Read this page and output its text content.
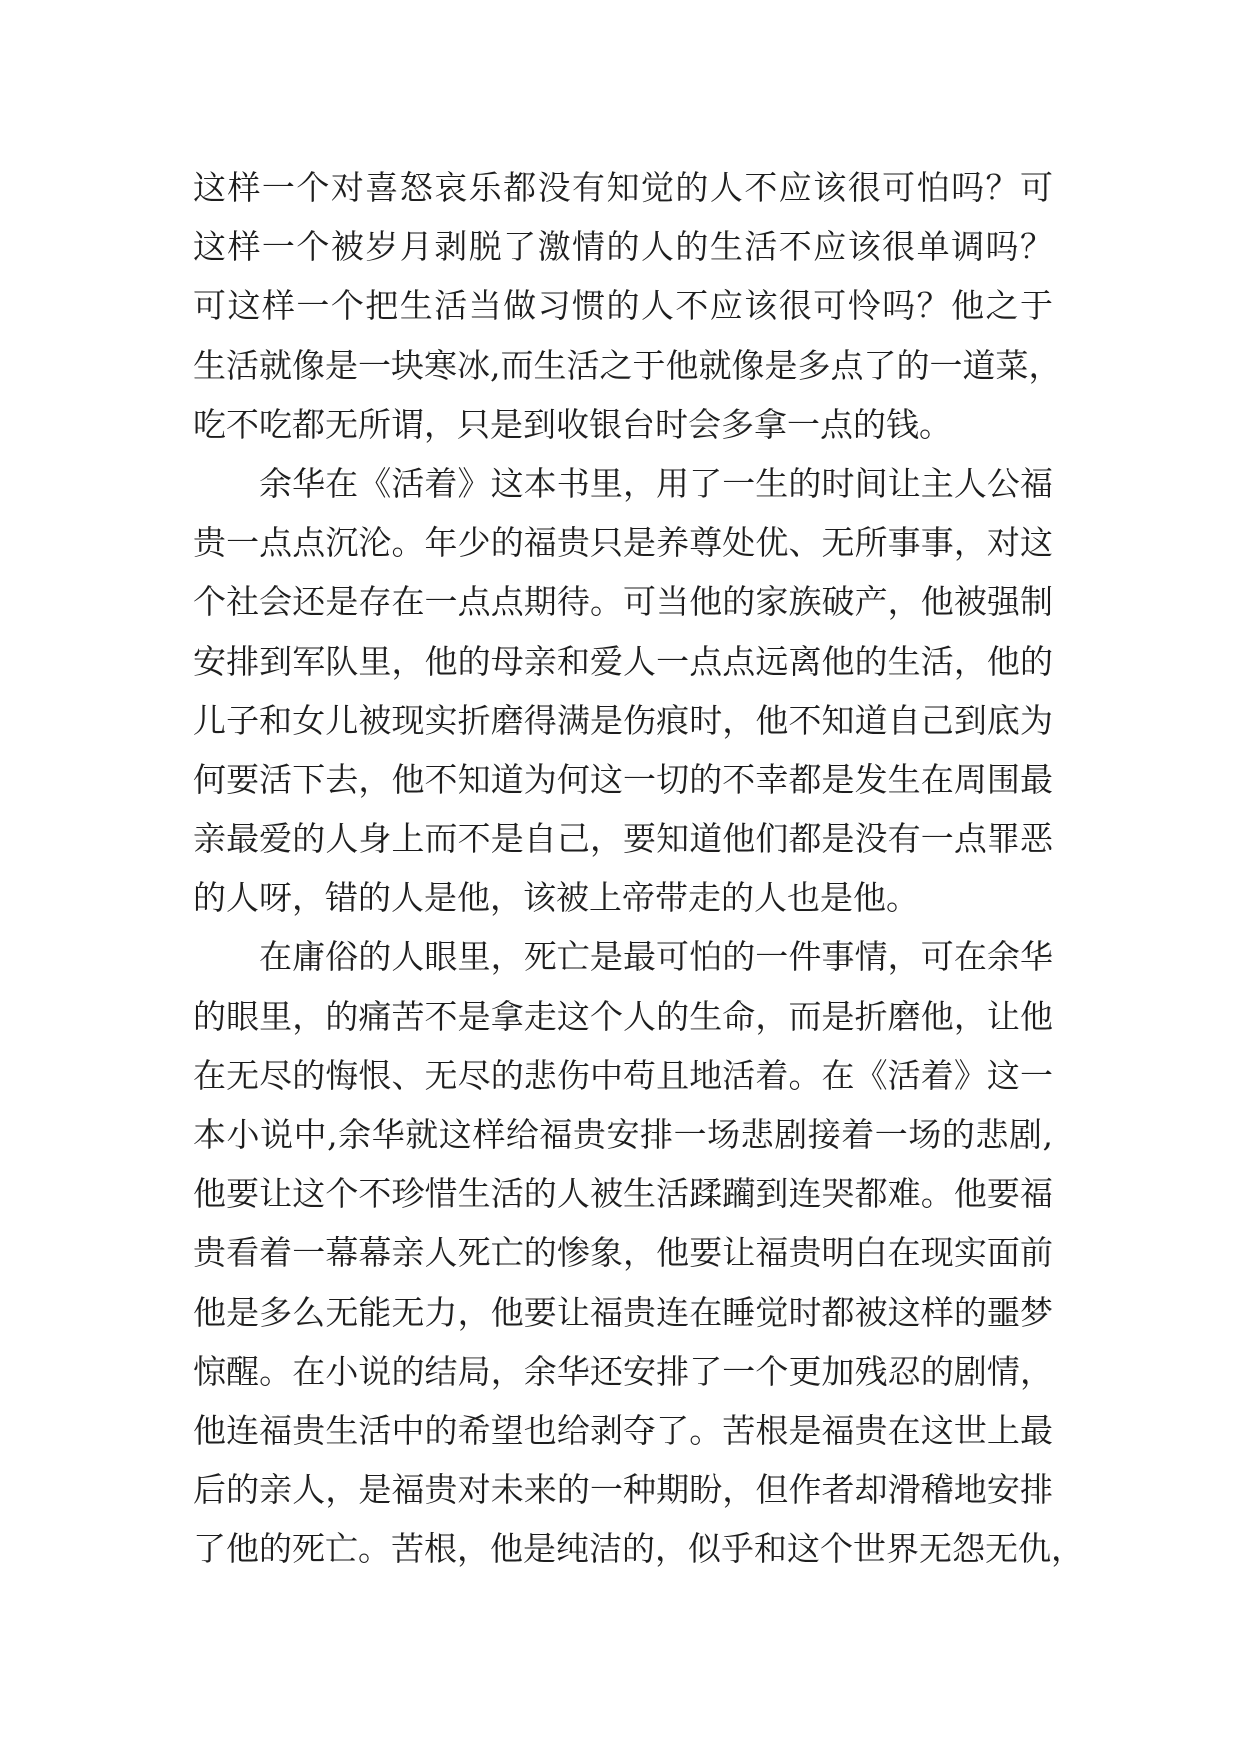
这样一个对喜怒哀乐都没有知觉的人不应该很可怕吗？可
这样一个被岁月剥脱了激情的人的生活不应该很单调吗？
可这样一个把生活当做习惯的人不应该很可怜吗？他之于
生活就像是一块寒冰,而生活之于他就像是多点了的一道菜，
吃不吃都无所谓，只是到收银台时会多拿一点的钱。
余华在《活着》这本书里，用了一生的时间让主人公福
贵一点点沉沦。年少的福贵只是养尊处优、无所事事，对这
个社会还是存在一点点期待。可当他的家族破产，他被强制
安排到军队里，他的母亲和爱人一点点远离他的生活，他的
儿子和女儿被现实折磨得满是伤痕时，他不知道自己到底为
何要活下去，他不知道为何这一切的不幸都是发生在周围最
亲最爱的人身上而不是自己，要知道他们都是没有一点罪恶
的人呀，错的人是他，该被上帝带走的人也是他。
在庸俗的人眼里，死亡是最可怕的一件事情，可在余华
的眼里，的痛苦不是拿走这个人的生命，而是折磨他，让他
在无尽的悔恨、无尽的悲伤中苟且地活着。在《活着》这一
本小说中,余华就这样给福贵安排一场悲剧接着一场的悲剧,
他要让这个不珍惜生活的人被生活蹂躏到连哭都难。他要福
贵看着一幕幕亲人死亡的惨象，他要让福贵明白在现实面前
他是多么无能无力，他要让福贵连在睡觉时都被这样的噩梦
惊醒。在小说的结局，余华还安排了一个更加残忍的剧情，
他连福贵生活中的希望也给剥夺了。苦根是福贵在这世上最
后的亲人，是福贵对未来的一种期盼，但作者却滑稽地安排
了他的死亡。苦根，他是纯洁的，似乎和这个世界无怨无仇，
